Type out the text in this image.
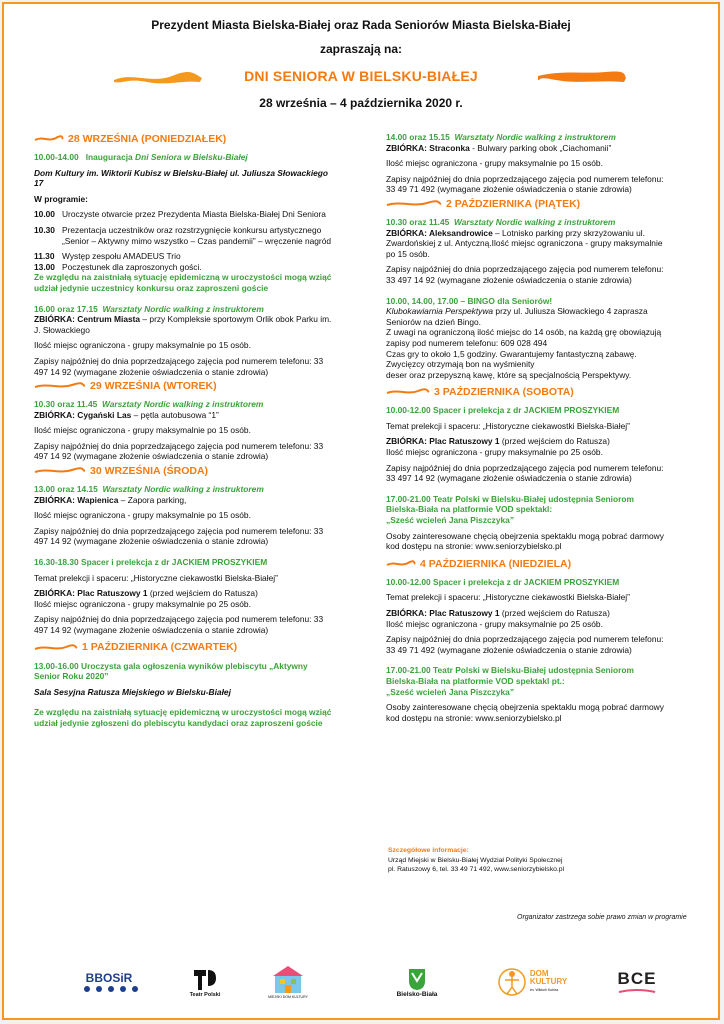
Prezydent Miasta Bielska-Białej oraz Rada Seniorów Miasta Bielska-Białej
zapraszają na:
DNI SENIORA W BIELSKU-BIAŁEJ
28 września – 4 października 2020 r.
28 WRZEŚNIA (PONIEDZIAŁEK)

10.00-14.00 Inauguracja Dni Seniora w Bielsku-Białej

Dom Kultury im. Wiktorii Kubisz w Bielsku-Białej ul. Juliusza Słowackiego 17

W programie:

10.00 Uroczyste otwarcie przez Prezydenta Miasta Bielska-Białej Dni Seniora
10.30 Prezentacja uczestników oraz rozstrzygnięcie konkursu artystycznego „Senior – Aktywny mimo wszystko – Czas pandemii” – wręczenie nagród
11.30 Występ zespołu AMADEUS Trio
13.00 Poczęstunek dla zaproszonych gości.

Ze względu na zaistniałą sytuację epidemiczną w uroczystości mogą wziąć udział jedynie uczestnicy konkursu oraz zaproszeni goście

16.00 oraz 17.15 Warsztaty Nordic walking z instruktorem

ZBIÓRKA: Centrum Miasta – przy Kompleksie sportowym Orlik obok Parku im. J. Słowackiego

Ilość miejsc ograniczona - grupy maksymalnie po 15 osób.

Zapisy najpóźniej do dnia poprzedzającego zajęcia pod numerem telefonu: 33 497 14 92 (wymagane złożenie oświadczenia o stanie zdrowia)

29 WRZEŚNIA (WTOREK)

10.30 oraz 11.45 Warsztaty Nordic walking z instruktorem

ZBIÓRKA: Cygański Las – pętla autobusowa “1”

Ilość miejsc ograniczona - grupy maksymalnie po 15 osób.

Zapisy najpóźniej do dnia poprzedzającego zajęcia pod numerem telefonu: 33 497 14 92 (wymagane złożenie oświadczenia o stanie zdrowia)

30 WRZEŚNIA (ŚRODA)

13.00 oraz 14.15 Warsztaty Nordic walking z instruktorem

ZBIÓRKA: Wapienica – Zapora parking,

Ilość miejsc ograniczona - grupy maksymalnie po 15 osób.

Zapisy najpóźniej do dnia poprzedzającego zajęcia pod numerem telefonu: 33 497 14 92 (wymagane złożenie oświadczenia o stanie zdrowia)

16.30-18.30 Spacer i prelekcja z dr JACKIEM PROSZYKIEM

Temat prelekcji i spaceru: „Historyczne ciekawostki Bielska-Białej”

ZBIÓRKA: Plac Ratuszowy 1 (przed wejściem do Ratusza)

Ilość miejsc ograniczona - grupy maksymalnie po 25 osób.

Zapisy najpóźniej do dnia poprzedzającego zajęcia pod numerem telefonu: 33 497 14 92 (wymagane złożenie oświadczenia o stanie zdrowia)

1 PAŹDZIERNIKA (CZWARTEK)

13.00-16.00 Uroczysta gala ogłoszenia wyników plebiscytu „Aktywny Senior Roku 2020”

Sala Sesyjna Ratusza Miejskiego w Bielsku-Białej

Ze względu na zaistniałą sytuację epidemiczną w uroczystości mogą wziąć udział jedynie zgłoszeni do plebiscytu kandydaci oraz zaproszeni goście

14.00 oraz 15.15 Warsztaty Nordic walking z instruktorem

ZBIÓRKA: Straconka - Bulwary parking obok „Ciachomanii”

Ilość miejsc ograniczona - grupy maksymalnie po 15 osób.

Zapisy najpóźniej do dnia poprzedzającego zajęcia pod numerem telefonu: 33 49 71 492 (wymagane złożenie oświadczenia o stanie zdrowia)

2 PAŹDZIERNIKA (PIĄTEK)

10.30 oraz 11.45 Warsztaty Nordic walking z instruktorem

ZBIÓRKA: Aleksandrowice – Lotnisko parking przy skrzyżowaniu ul. Zwardońskiej z ul. Antyczną.Ilość miejsc ograniczona - grupy maksymalnie po 15 osób.

Zapisy najpóźniej do dnia poprzedzającego zajęcia pod numerem telefonu: 33 497 14 92 (wymagane złożenie oświadczenia o stanie zdrowia)

10.00, 14.00, 17.00 – BINGO dla Seniorów!

Klubokawiarnia Perspektywa przy ul. Juliusza Słowackiego 4 zaprasza Seniorów na dzień Bingo.

Z uwagi na ograniczoną ilość miejsc do 14 osób, na każdą grę obowiązują zapisy pod numerem telefonu: 609 028 494

Czas gry to około 1,5 godziny. Gwarantujemy fantastyczną zabawę.

Zwycięzcy otrzymają bon na wyśmienity

deser oraz przepyszną kawę, które są specjalnością Perspektywy.

3 PAŹDZIERNIKA (SOBOTA)

10.00-12.00 Spacer i prelekcja z dr JACKIEM PROSZYKIEM

Temat prelekcji i spaceru: „Historyczne ciekawostki Bielska-Białej”

ZBIÓRKA: Plac Ratuszowy 1 (przed wejściem do Ratusza)

Ilość miejsc ograniczona - grupy maksymalnie po 25 osób.

Zapisy najpóźniej do dnia poprzedzającego zajęcia pod numerem telefonu: 33 497 14 92 (wymagane złożenie oświadczenia o stanie zdrowia)

17.00-21.00 Teatr Polski w Bielsku-Białej udostępnia Seniorom Bielska-Biała na platformie VOD spektakl:

„Sześć wcieleń Jana Piszczyka”

Osoby zainteresowane chęcią obejrzenia spektaklu mogą pobrać darmowy kod dostępu na stronie: www.seniorzybielsko.pl

4 PAŹDZIERNIKA (NIEDZIELA)

10.00-12.00 Spacer i prelekcja z dr JACKIEM PROSZYKIEM

Temat prelekcji i spaceru: „Historyczne ciekawostki Bielska-Białej”

ZBIÓRKA: Plac Ratuszowy 1 (przed wejściem do Ratusza)

Ilość miejsc ograniczona - grupy maksymalnie po 25 osób.

Zapisy najpóźniej do dnia poprzedzającego zajęcia pod numerem telefonu: 33 49 71 492 (wymagane złożenie oświadczenia o stanie zdrowia)

17.00-21.00 Teatr Polski w Bielsku-Białej udostępnia Seniorom Bielska-Biała na platformie VOD spektakl pt.:

„Sześć wcieleń Jana Piszczyka”

Osoby zainteresowane chęcią obejrzenia spektaklu mogą pobrać darmowy kod dostępu na stronie: www.seniorzybielsko.pl

Szczegółowe informacje:
Urząd Miejski w Bielsku-Białej Wydział Polityki Społecznej
pl. Ratuszowy 6, tel. 33 49 71 492, www.seniorzybielsko.pl
Organizator zastrzega sobie prawo zmian w programie
BBOSiR
Teatr Polski	MIEJSKI DOM KULTURY	Bielsko-Biała
DOM
KULTURY
im. Wiktorii Kubisz
BCE
